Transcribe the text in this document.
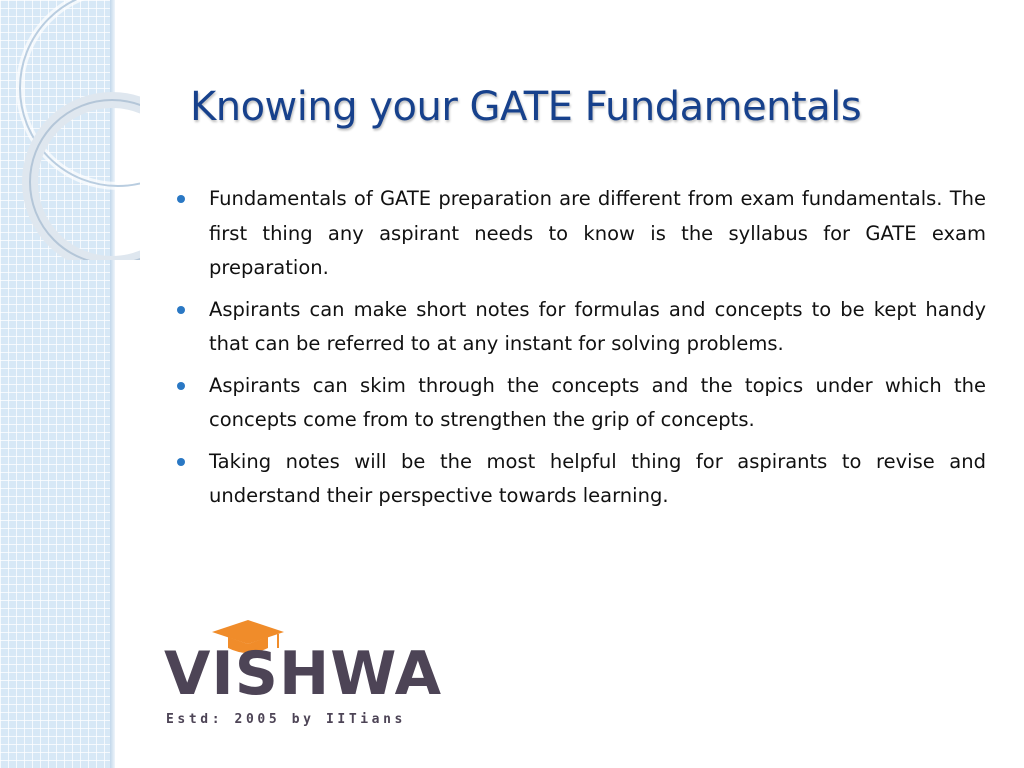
Knowing your GATE Fundamentals
Fundamentals of GATE preparation are different from exam fundamentals. The first thing any aspirant needs to know is the syllabus for GATE exam preparation.
Aspirants can make short notes for formulas and concepts to be kept handy that can be referred to at any instant for solving problems.
Aspirants can skim through the concepts and the topics under which the concepts come from to strengthen the grip of concepts.
Taking notes will be the most helpful thing for aspirants to revise and understand their perspective towards learning.
VISHWA
Estd: 2005 by IITians
